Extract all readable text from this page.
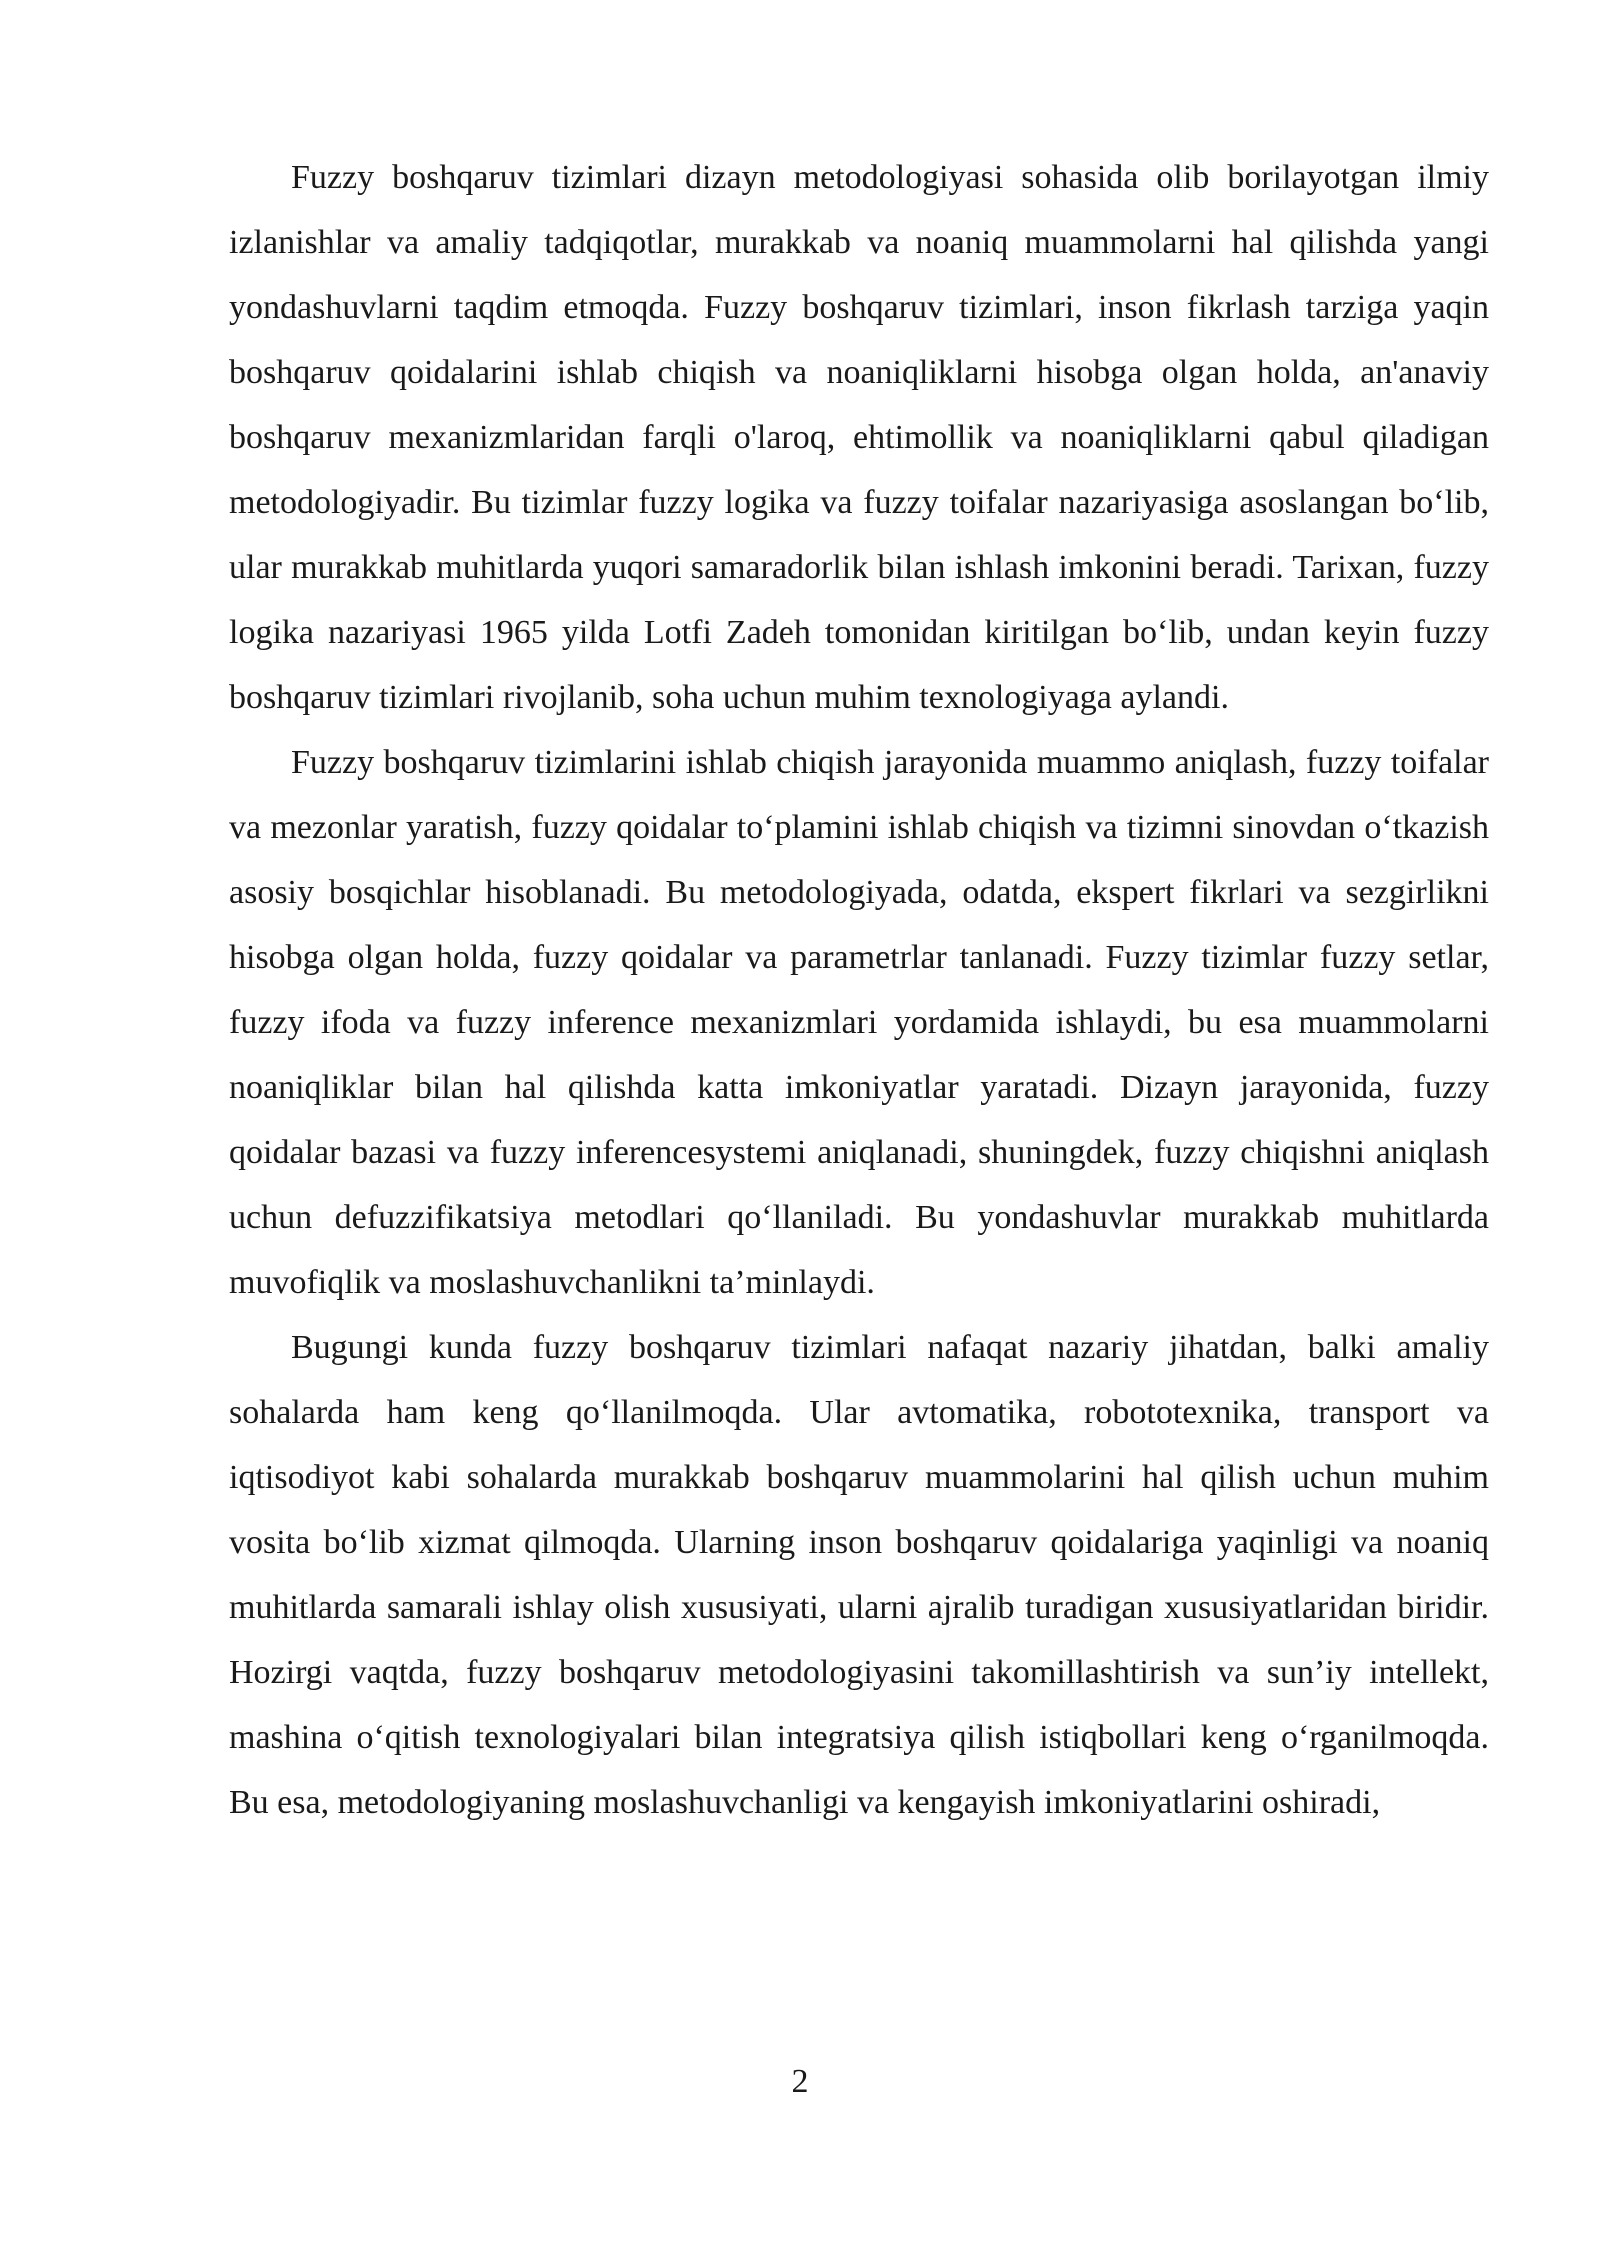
Fuzzy boshqaruv tizimlari dizayn metodologiyasi sohasida olib borilayotgan ilmiy izlanishlar va amaliy tadqiqotlar, murakkab va noaniq muammolarni hal qilishda yangi yondashuvlarni taqdim etmoqda. Fuzzy boshqaruv tizimlari, inson fikrlash tarziga yaqin boshqaruv qoidalarini ishlab chiqish va noaniqliklarni hisobga olgan holda, an'anaviy boshqaruv mexanizmlaridan farqli o'laroq, ehtimollik va noaniqliklarni qabul qiladigan metodologiyadir. Bu tizimlar fuzzy logika va fuzzy toifalar nazariyasiga asoslangan boʻlib, ular murakkab muhitlarda yuqori samaradorlik bilan ishlash imkonini beradi. Tarixan, fuzzy logika nazariyasi 1965 yilda Lotfi Zadeh tomonidan kiritilgan boʻlib, undan keyin fuzzy boshqaruv tizimlari rivojlanib, soha uchun muhim texnologiyaga aylandi.

Fuzzy boshqaruv tizimlarini ishlab chiqish jarayonida muammo aniqlash, fuzzy toifalar va mezonlar yaratish, fuzzy qoidalar toʻplamini ishlab chiqish va tizimni sinovdan oʻtkazish asosiy bosqichlar hisoblanadi. Bu metodologiyada, odatda, ekspert fikrlari va sezgirlikni hisobga olgan holda, fuzzy qoidalar va parametrlar tanlanadi. Fuzzy tizimlar fuzzy setlar, fuzzy ifoda va fuzzy inference mexanizmlari yordamida ishlaydi, bu esa muammolarni noaniqliklar bilan hal qilishda katta imkoniyatlar yaratadi. Dizayn jarayonida, fuzzy qoidalar bazasi va fuzzy inferencesystemi aniqlanadi, shuningdek, fuzzy chiqishni aniqlash uchun defuzzifikatsiya metodlari qoʻllaniladi. Bu yondashuvlar murakkab muhitlarda muvofiqlik va moslashuvchanlikni ta’minlaydi.

Bugungi kunda fuzzy boshqaruv tizimlari nafaqat nazariy jihatdan, balki amaliy sohalarda ham keng qoʻllanilmoqda. Ular avtomatika, robototexnika, transport va iqtisodiyot kabi sohalarda murakkab boshqaruv muammolarini hal qilish uchun muhim vosita boʻlib xizmat qilmoqda. Ularning inson boshqaruv qoidalariga yaqinligi va noaniq muhitlarda samarali ishlay olish xususiyati, ularni ajralib turadigan xususiyatlaridan biridir. Hozirgi vaqtda, fuzzy boshqaruv metodologiyasini takomillashtirish va sun’iy intellekt, mashina oʻqitish texnologiyalari bilan integratsiya qilish istiqbollari keng oʻrganilmoqda. Bu esa, metodologiyaning moslashuvchanligi va kengayish imkoniyatlarini oshiradi,

2
